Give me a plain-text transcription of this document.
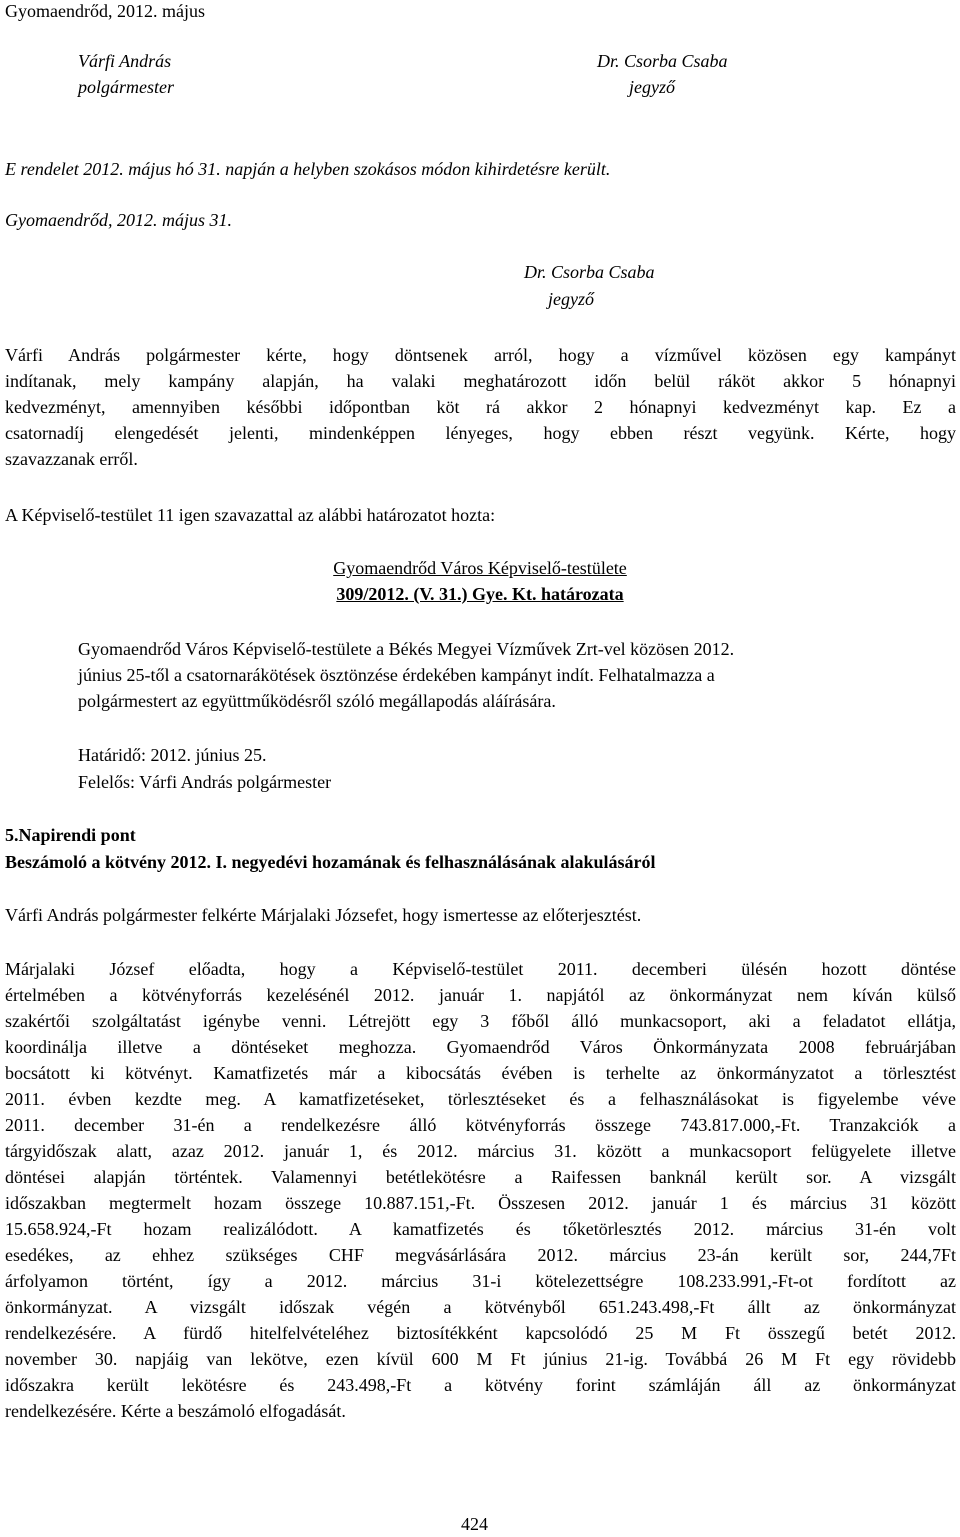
Gyomaendrőd, 2012. május
Várfi András
polgármester
Dr. Csorba Csaba
jegyző
E rendelet 2012. május hó 31. napján a helyben szokásos módon kihirdetésre került.
Gyomaendrőd, 2012. május 31.
Dr. Csorba Csaba
jegyző
Várfi András polgármester kérte, hogy döntsenek arról, hogy a vízművel közösen egy kampányt
indítanak, mely kampány alapján, ha valaki meghatározott időn belül ráköt akkor 5 hónapnyi
kedvezményt, amennyiben későbbi időpontban köt rá akkor 2 hónapnyi kedvezményt kap. Ez a
csatornadíj elengedését jelenti, mindenképpen lényeges, hogy ebben részt vegyünk. Kérte, hogy
szavazzanak erről.
A Képviselő-testület 11 igen szavazattal az alábbi határozatot hozta:
Gyomaendrőd Város Képviselő-testülete
309/2012. (V. 31.) Gye. Kt. határozata
Gyomaendrőd Város Képviselő-testülete a Békés Megyei Vízművek Zrt-vel közösen 2012.
június 25-től a csatornarákötések ösztönzése érdekében kampányt indít. Felhatalmazza a
polgármestert az együttműködésről szóló megállapodás aláírására.
Határidő: 2012. június 25.
Felelős: Várfi András polgármester
5.Napirendi pont
Beszámoló a kötvény 2012. I. negyedévi hozamának és felhasználásának alakulásáról
Várfi András polgármester felkérte Márjalaki Józsefet, hogy ismertesse az előterjesztést.
Márjalaki József előadta, hogy a Képviselő-testület 2011. decemberi ülésén hozott döntése
értelmében a kötvényforrás kezelésénél 2012. január 1. napjától az önkormányzat nem kíván külső
szakértői szolgáltatást igénybe venni. Létrejött egy 3 főből álló munkacsoport, aki a feladatot ellátja,
koordinálja illetve a döntéseket meghozza. Gyomaendrőd Város Önkormányzata 2008 februárjában
bocsátott ki kötvényt. Kamatfizetés már a kibocsátás évében is terhelte az önkormányzatot a törlesztést
2011. évben kezdte meg. A kamatfizetéseket, törlesztéseket és a felhasználásokat is figyelembe véve
2011. december 31-én a rendelkezésre álló kötvényforrás összege 743.817.000,-Ft. Tranzakciók a
tárgyidőszak alatt, azaz 2012. január 1, és 2012. március 31. között a munkacsoport felügyelete illetve
döntései alapján történtek. Valamennyi betétlekötésre a Raifessen banknál került sor. A vizsgált
időszakban megtermelt hozam összege 10.887.151,-Ft. Összesen 2012. január 1 és március 31 között
15.658.924,-Ft hozam realizálódott. A kamatfizetés és tőketörlesztés 2012. március 31-én volt
esedékes, az ehhez szükséges CHF megvásárlására 2012. március 23-án került sor, 244,7Ft
árfolyamon történt, így a 2012. március 31-i kötelezettségre 108.233.991,-Ft-ot fordított az
önkormányzat. A vizsgált időszak végén a kötvényből 651.243.498,-Ft állt az önkormányzat
rendelkezésére. A fürdő hitelfelvételéhez biztosítékként kapcsolódó 25 M Ft összegű betét 2012.
november 30. napjáig van lekötve, ezen kívül 600 M Ft június 21-ig. Továbbá 26 M Ft egy rövidebb
időszakra került lekötésre és 243.498,-Ft a kötvény forint számláján áll az önkormányzat
rendelkezésére. Kérte a beszámoló elfogadását.
424
